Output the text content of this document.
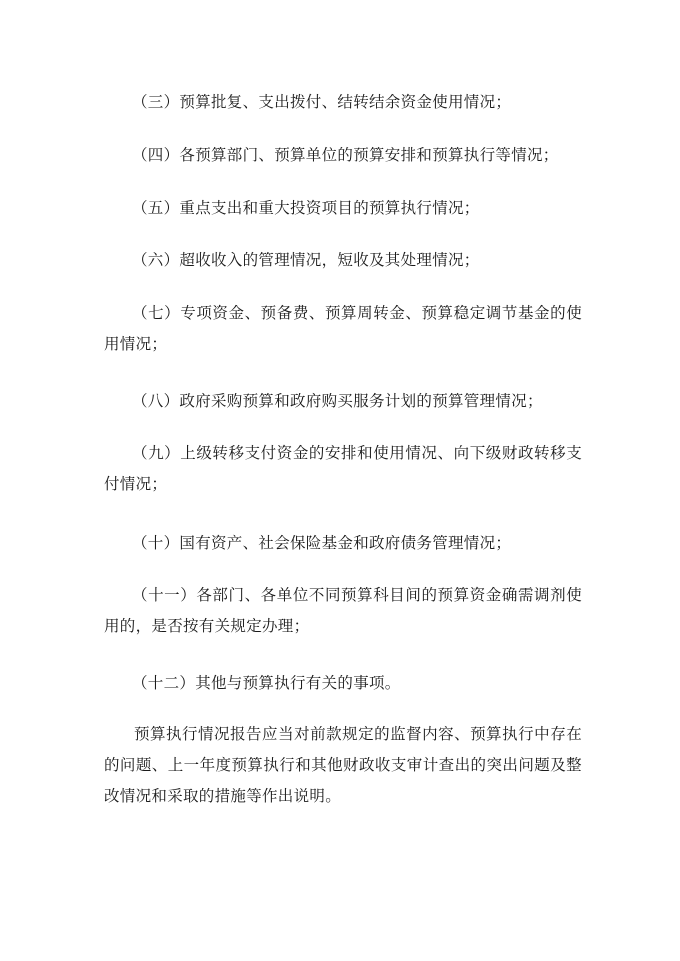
（三）预算批复、支出拨付、结转结余资金使用情况；

（四）各预算部门、预算单位的预算安排和预算执行等情况；

（五）重点支出和重大投资项目的预算执行情况；

（六）超收收入的管理情况，短收及其处理情况；

（七）专项资金、预备费、预算周转金、预算稳定调节基金的使用情况；

（八）政府采购预算和政府购买服务计划的预算管理情况；

（九）上级转移支付资金的安排和使用情况、向下级财政转移支付情况；

（十）国有资产、社会保险基金和政府债务管理情况；

（十一）各部门、各单位不同预算科目间的预算资金确需调剂使用的，是否按有关规定办理；

（十二）其他与预算执行有关的事项。

预算执行情况报告应当对前款规定的监督内容、预算执行中存在的问题、上一年度预算执行和其他财政收支审计查出的突出问题及整改情况和采取的措施等作出说明。
